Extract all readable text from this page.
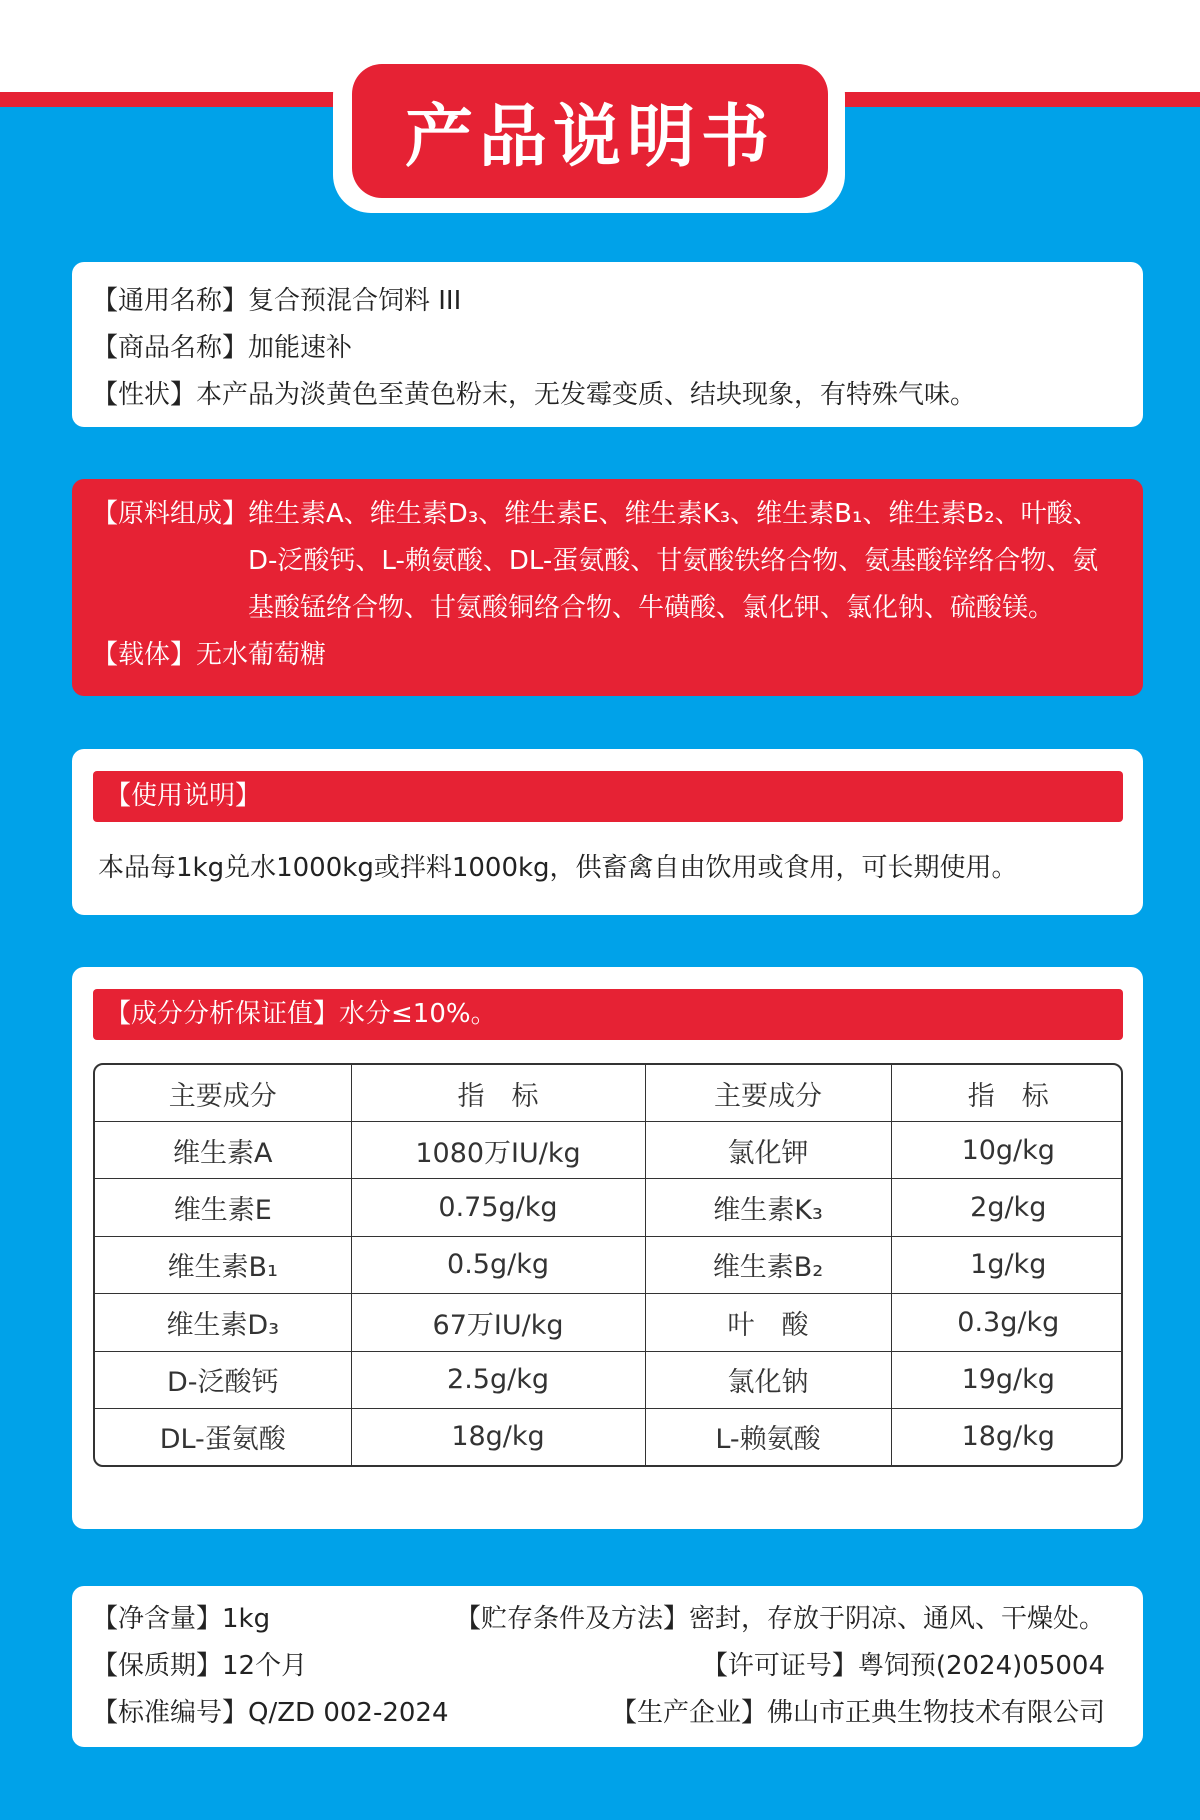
产品说明书
【通用名称】复合预混合饲料 III
【商品名称】加能速补
【性状】本产品为淡黄色至黄色粉末，无发霉变质、结块现象，有特殊气味。
【原料组成】 维生素A、维生素D₃、维生素E、维生素K₃、维生素B₁、维生素B₂、叶酸、D-泛酸钙、L-赖氨酸、DL-蛋氨酸、甘氨酸铁络合物、氨基酸锌络合物、氨基酸锰络合物、甘氨酸铜络合物、牛磺酸、氯化钾、氯化钠、硫酸镁。
【载体】无水葡萄糖
【使用说明】
本品每1kg兑水1000kg或拌料1000kg，供畜禽自由饮用或食用，可长期使用。
【成分分析保证值】水分≤10%。
主要成分	指　标	主要成分	指　标
维生素A	1080万IU/kg	氯化钾	10g/kg
维生素E	0.75g/kg	维生素K₃	2g/kg
维生素B₁	0.5g/kg	维生素B₂	1g/kg
维生素D₃	67万IU/kg	叶　酸	0.3g/kg
D-泛酸钙	2.5g/kg	氯化钠	19g/kg
DL-蛋氨酸	18g/kg	L-赖氨酸	18g/kg
【净含量】1kg	【贮存条件及方法】密封，存放于阴凉、通风、干燥处。
【保质期】12个月	【许可证号】粤饲预(2024)05004
【标准编号】Q/ZD 002-2024	【生产企业】佛山市正典生物技术有限公司
